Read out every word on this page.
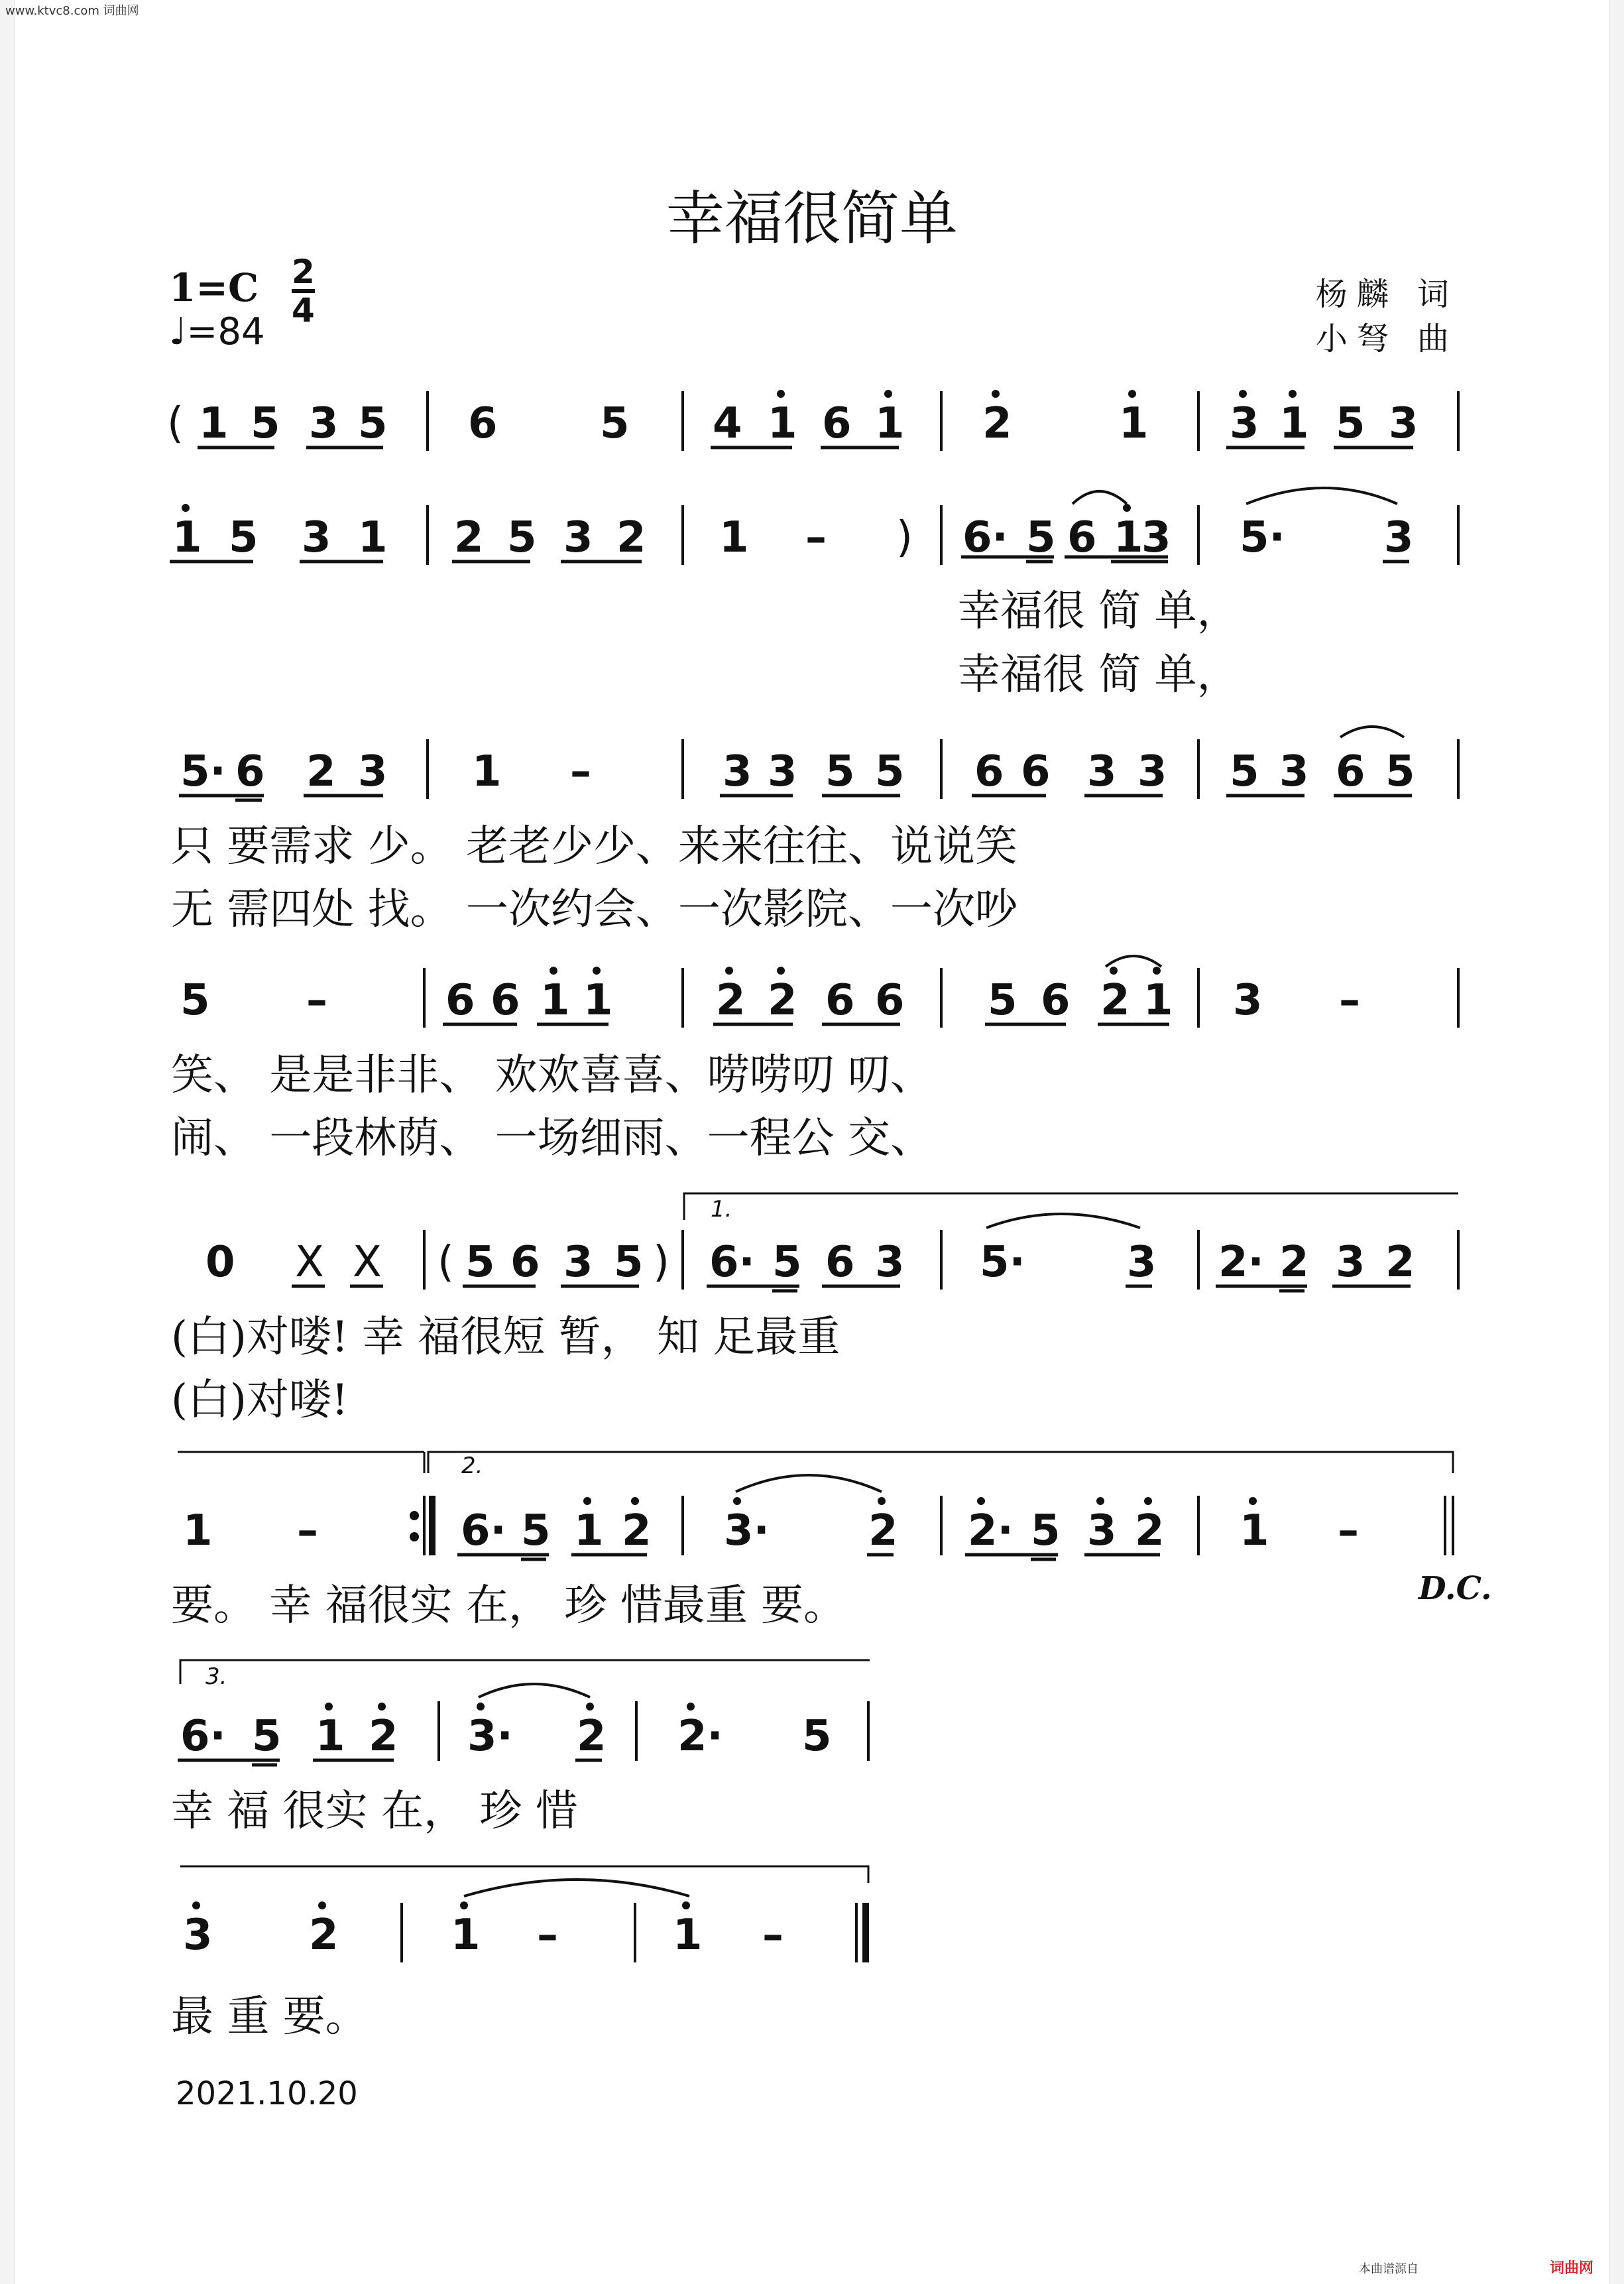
www.ktvc8.com 词曲网
幸福很简单
1=C 2
4
♩=84
杨麟 词
小弩 曲
( 1 5 3 5 6 5 4 1 6 1 2	1 3 1 5 3
1 5 3 1 2 5 3 2 1 – ) 6· 5 6 1
3 5· 3
5· 6 2 3 1 –	3 3 5 5 6 6 3 3 5 3 6 5
5 –	6 6 1 1 2 2 6 6 5 6 2 1 3 –
0 X X ( 5 6 3 5 ) 6· 5 6 3 5· 3 2· 2 3 2
1.
2.
1 –	6· 5 1 2 3· 2 2· 5 3 2 1 –
3.
6· 5 1 2 3· 2 2· 5
3 2	1 –	1 –
幸福很 简 单，
幸福很 简 单，
只 要需求 少。 老老少少、来来往往、说说笑
无 需四处 找。 一次约会、一次影院、一次吵
笑、 是是非非、 欢欢喜喜、唠唠叨 叨、
闹、 一段林荫、 一场细雨、一程公 交、
(白)对喽! 幸 福很短 暂， 知 足最重
(白)对喽!
要。 幸 福很实 在， 珍 惜最重 要。	D.C.
幸 福 很实 在， 珍 惜
最 重 要。
2021.10.20
本曲谱源自	词曲网
